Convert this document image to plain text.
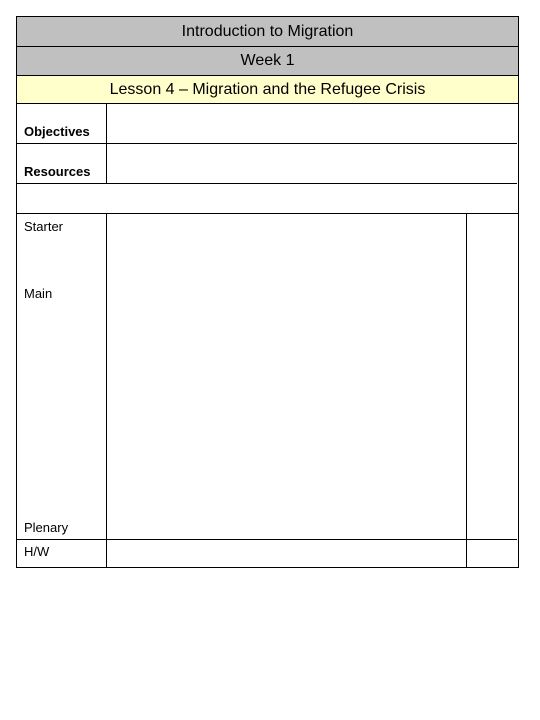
Introduction to Migration
Week 1
Lesson 4 – Migration and the Refugee Crisis
Objectives
Resources
Starter
Main
Plenary
H/W
